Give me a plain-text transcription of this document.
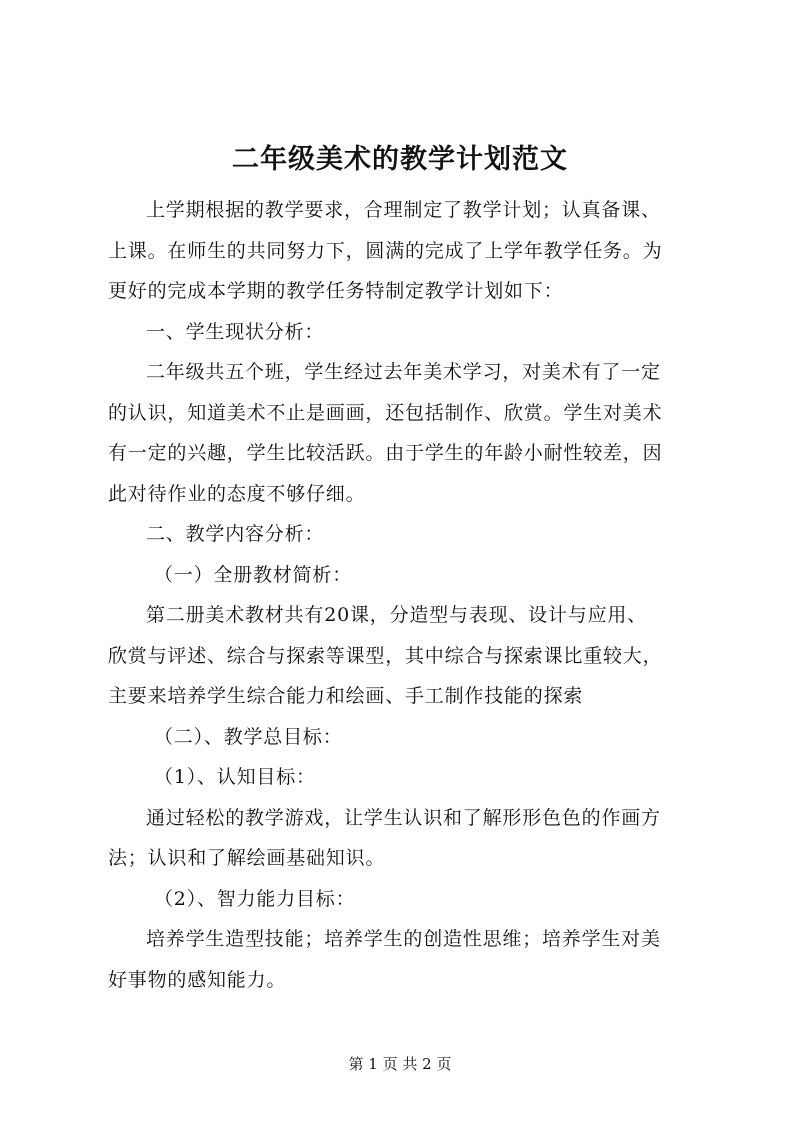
二年级美术的教学计划范文
上学期根据的教学要求，合理制定了教学计划；认真备课、
上课。在师生的共同努力下，圆满的完成了上学年教学任务。为
更好的完成本学期的教学任务特制定教学计划如下：
一、学生现状分析：
二年级共五个班，学生经过去年美术学习，对美术有了一定
的认识，知道美术不止是画画，还包括制作、欣赏。学生对美术
有一定的兴趣，学生比较活跃。由于学生的年龄小耐性较差，因
此对待作业的态度不够仔细。
二、教学内容分析：
（一）全册教材简析：
第二册美术教材共有20课，分造型与表现、设计与应用、
欣赏与评述、综合与探索等课型，其中综合与探索课比重较大，
主要来培养学生综合能力和绘画、手工制作技能的探索
（二）、教学总目标：
（1）、认知目标：
通过轻松的教学游戏，让学生认识和了解形形色色的作画方
法；认识和了解绘画基础知识。
（2）、智力能力目标：
培养学生造型技能；培养学生的创造性思维；培养学生对美
好事物的感知能力。
第 1 页 共 2 页
